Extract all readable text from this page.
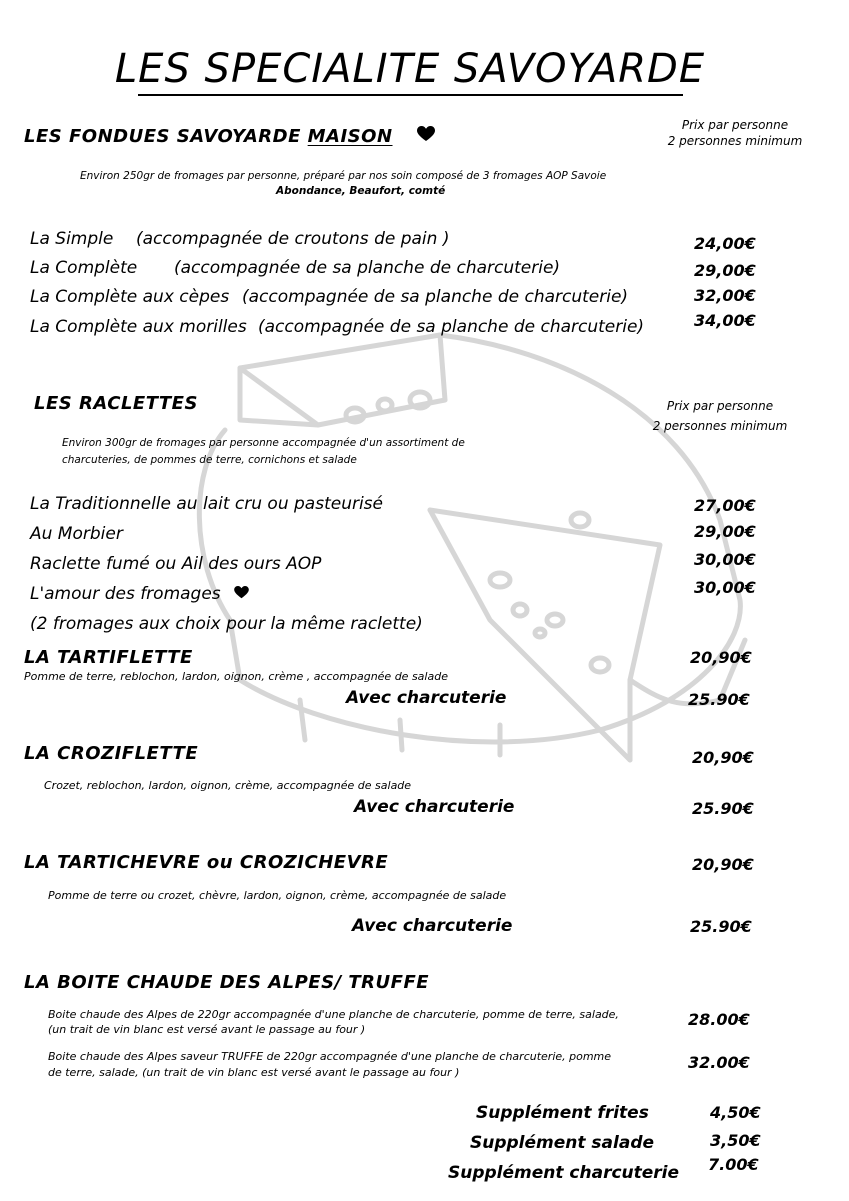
LES SPECIALITE SAVOYARDE
LES FONDUES SAVOYARDE MAISON
Prix par personne
2 personnes minimum
Environ 250gr de fromages par personne, préparé par nos soin composé de 3 fromages AOP Savoie
Abondance, Beaufort, comté
La Simple (accompagnée de croutons de pain )	24,00€
La Complète (accompagnée de sa planche de charcuterie)	29,00€
La Complète aux cèpes (accompagnée de sa planche de charcuterie)	32,00€
La Complète aux morilles (accompagnée de sa planche de charcuterie)	34,00€
LES RACLETTES	Prix par personne
2 personnes minimum
Environ 300gr de fromages par personne accompagnée d'un assortiment de
charcuteries, de pommes de terre, cornichons et salade
La Traditionnelle au lait cru ou pasteurisé	27,00€
Au Morbier	29,00€
Raclette fumé ou Ail des ours AOP	30,00€
L'amour des fromages	30,00€
(2 fromages aux choix pour la même raclette)
LA TARTIFLETTE	20,90€
Pomme de terre, reblochon, lardon, oignon, crème , accompagnée de salade
Avec charcuterie	25.90€
LA CROZIFLETTE	20,90€
Crozet, reblochon, lardon, oignon, crème, accompagnée de salade
Avec charcuterie	25.90€
LA TARTICHEVRE ou CROZICHEVRE	20,90€
Pomme de terre ou crozet, chèvre, lardon, oignon, crème, accompagnée de salade
Avec charcuterie	25.90€
LA BOITE CHAUDE DES ALPES/ TRUFFE
Boite chaude des Alpes de 220gr accompagnée d'une planche de charcuterie, pomme de terre, salade,
(un trait de vin blanc est versé avant le passage au four )
28.00€
Boite chaude des Alpes saveur TRUFFE de 220gr accompagnée d'une planche de charcuterie, pomme
de terre, salade, (un trait de vin blanc est versé avant le passage au four )
32.00€
Supplément frites	4,50€
Supplément salade	3,50€
Supplément charcuterie 7.00€
